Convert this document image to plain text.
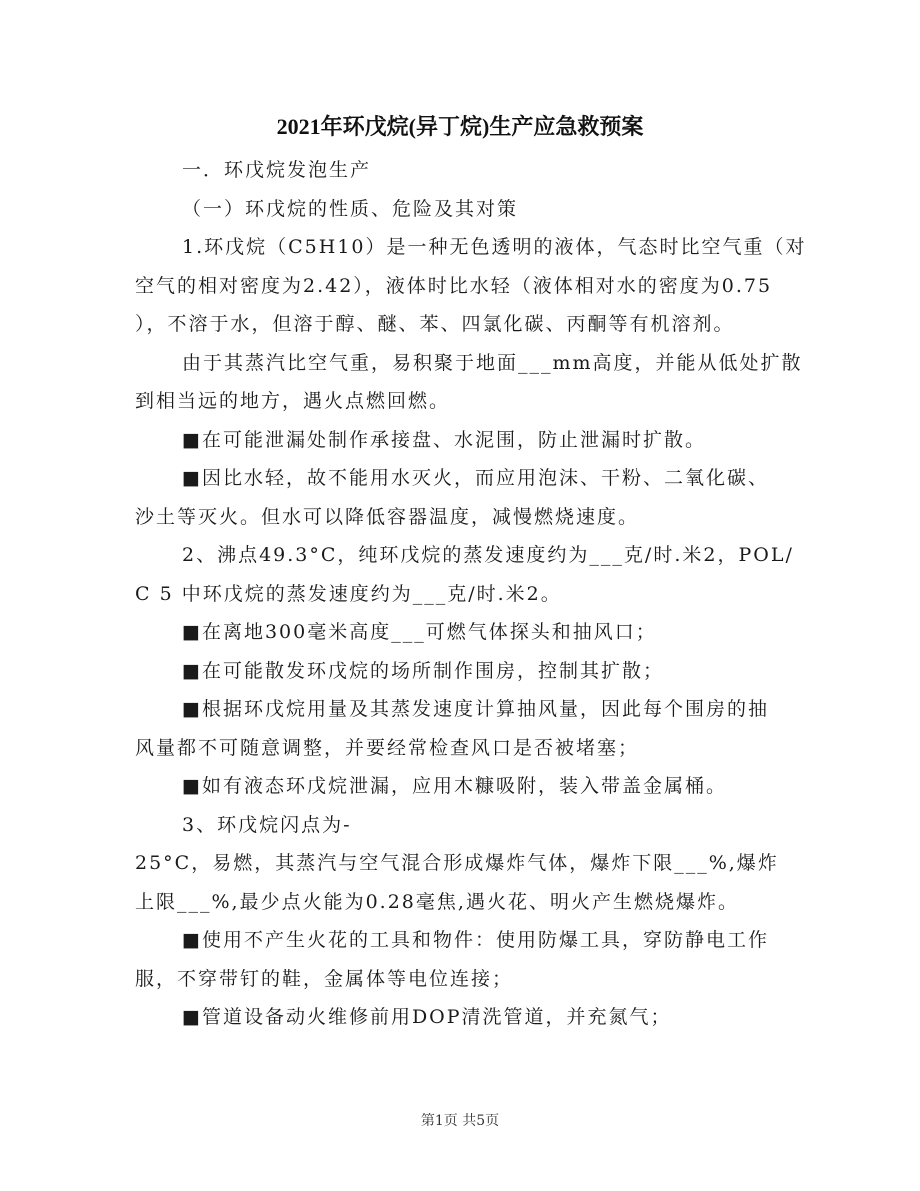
2021年环戊烷(异丁烷)生产应急救预案
一．环戊烷发泡生产
（一）环戊烷的性质、危险及其对策
1.环戊烷（C5H10）是一种无色透明的液体，气态时比空气重（对
空气的相对密度为2.42），液体时比水轻（液体相对水的密度为0.75
），不溶于水，但溶于醇、醚、苯、四氯化碳、丙酮等有机溶剂。
由于其蒸汽比空气重，易积聚于地面___mm高度，并能从低处扩散
到相当远的地方，遇火点燃回燃。
■在可能泄漏处制作承接盘、水泥围，防止泄漏时扩散。
■因比水轻，故不能用水灭火，而应用泡沫、干粉、二氧化碳、
沙土等灭火。但水可以降低容器温度，减慢燃烧速度。
2、沸点49.3°C，纯环戊烷的蒸发速度约为___克/时.米2，POL/
C 5 中环戊烷的蒸发速度约为___克/时.米2。
■在离地300毫米高度___可燃气体探头和抽风口；
■在可能散发环戊烷的场所制作围房，控制其扩散；
■根据环戊烷用量及其蒸发速度计算抽风量，因此每个围房的抽
风量都不可随意调整，并要经常检查风口是否被堵塞；
■如有液态环戊烷泄漏，应用木糠吸附，装入带盖金属桶。
3、环戊烷闪点为-
25°C，易燃，其蒸汽与空气混合形成爆炸气体，爆炸下限___%,爆炸
上限___%,最少点火能为0.28毫焦,遇火花、明火产生燃烧爆炸。
■使用不产生火花的工具和物件：使用防爆工具，穿防静电工作
服，不穿带钉的鞋，金属体等电位连接；
■管道设备动火维修前用DOP清洗管道，并充氮气；
第1页 共5页
